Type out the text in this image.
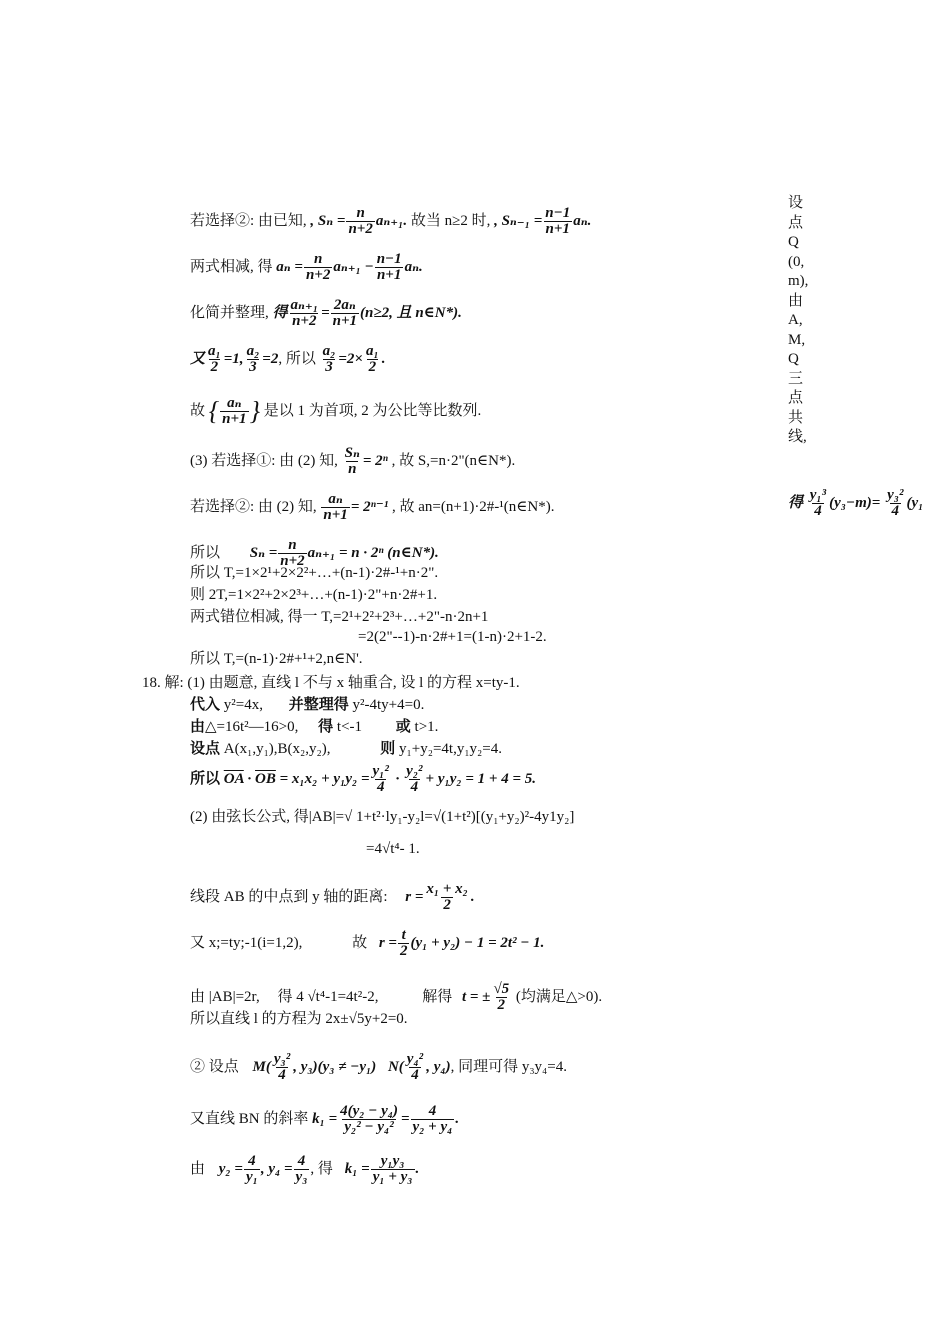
设点Q(0,m),由A,M,Q三点共线,
得 $\frac{\text{y₁³}}{4} (y_3-m)= \frac{\text{y₃²}}{4} (y_1$
若选择②: 由已知, , $S_n = \frac{n}{n+2} a_{n+1}$. 故当 n≥2 时, , $S_{n-1} = \frac{n-1}{n+1} a_n$.
两式相减, 得 $a_n = \frac{n}{n+2} a_{n+1} - \frac{n-1}{n+1} a_n$.
化简并整理, 得 $\frac{\text{aₙ₊₁}}{n+2} = \frac{\text{2aₙ}}{n+1} (n\ge 2$, 且 n∈N*).
又 $\frac{\text{a₁}}{2} =1$, $\frac{\text{a₂}}{3} =2$, 所以 $\frac{\text{a₂}}{3} =2\times \frac{\text{a₁}}{2}$ .
故 { $\frac{\text{aₙ}}{n+1}$ } 是以 1 为首项, 2 为公比等比数列.
(3) 若选择①: 由 (2) 知, $\frac{\text{Sₙ}}{n} = 2^n$ , 故 S,=n·2"(n∈N*).
若选择②: 由 (2) 知, $\frac{\text{aₙ}}{n+1} = 2^{n-1}$ , 故 an=(n+1)·2#-¹(n∈N*).
所以 $S_n = \frac{n}{n+2} a_{n+1} = n \cdot 2^n$ (n∈N*).
所以 T,=1×2¹+2×2²+…+(n-1)·2#-¹+n·2".
则 2T,=1×2²+2×2³+…+(n-1)·2"+n·2#+1.
两式错位相减, 得一 T,=2¹+2²+2³+…+2"-n·2n+1
=2(2"--1)-n·2#+1=(1-n)·2+1-2.
所以 T,=(n-1)·2#+¹+2,n∈N'.
18. 解: (1) 由题意, 直线 l 不与 x 轴重合, 设 l 的方程 x=ty-1.
代入 y²=4x, 并整理得 y²-4ty+4=0.
由△=16t²—16>0, 得 t<-1 或 t>1.
设点 A(x₁,y₁),B(x₂,y₂),	则 y₁+y₂=4t,y₁y₂=4.
所以 $\overline{OA} \cdot \overline{OB} = x_1x_2 + y_1y_2 = \frac{\text{y₁²}}{4} \cdot \frac{\text{y₂²}}{4} + y_1y_2 = 1 + 4 = 5$.
(2) 由弦长公式, 得|AB|=√ 1+t²·ly₁-y₂l=√(1+t²)[(y₁+y₂)²-4y1y₂]
=4√t⁴- 1.
线段 AB 的中点到 y 轴的距离: $r = \frac{\text{x₁ + x₂}}{2}$ .
又 x;=ty;-1(i=1,2),	故 $r = \frac{t}{2} (y_1 + y_2) - 1 = 2t^2 - 1$.
由 |AB|=2r, 得 4 √t⁴-1=4t²-2,	解得 t = ± $\frac{√5}{2}$ (均满足△>0).
所以直线 l 的方程为 2x±√5y+2=0.
② 设点 $M( \frac{\text{y₃²}}{4}$ , y₃)(y₃ ≠ −y₁) $N( \frac{\text{y₄²}}{4}$ , y₄), 同理可得 y₃y₄=4.
又直线 BN 的斜率 $k_1 = \frac{\text{4(y₂ − y₄)}}{\text{y₂² − y₄²}} = \frac{4}{\text{y₂ + y₄}}$ .
由 $y_2 = \frac{4}{\text{y₁}}$ , $y_4 = \frac{4}{\text{y₃}}$ , 得 $k_1 = \frac{\text{y₁y₃}}{\text{y₁ + y₃}}$ .
